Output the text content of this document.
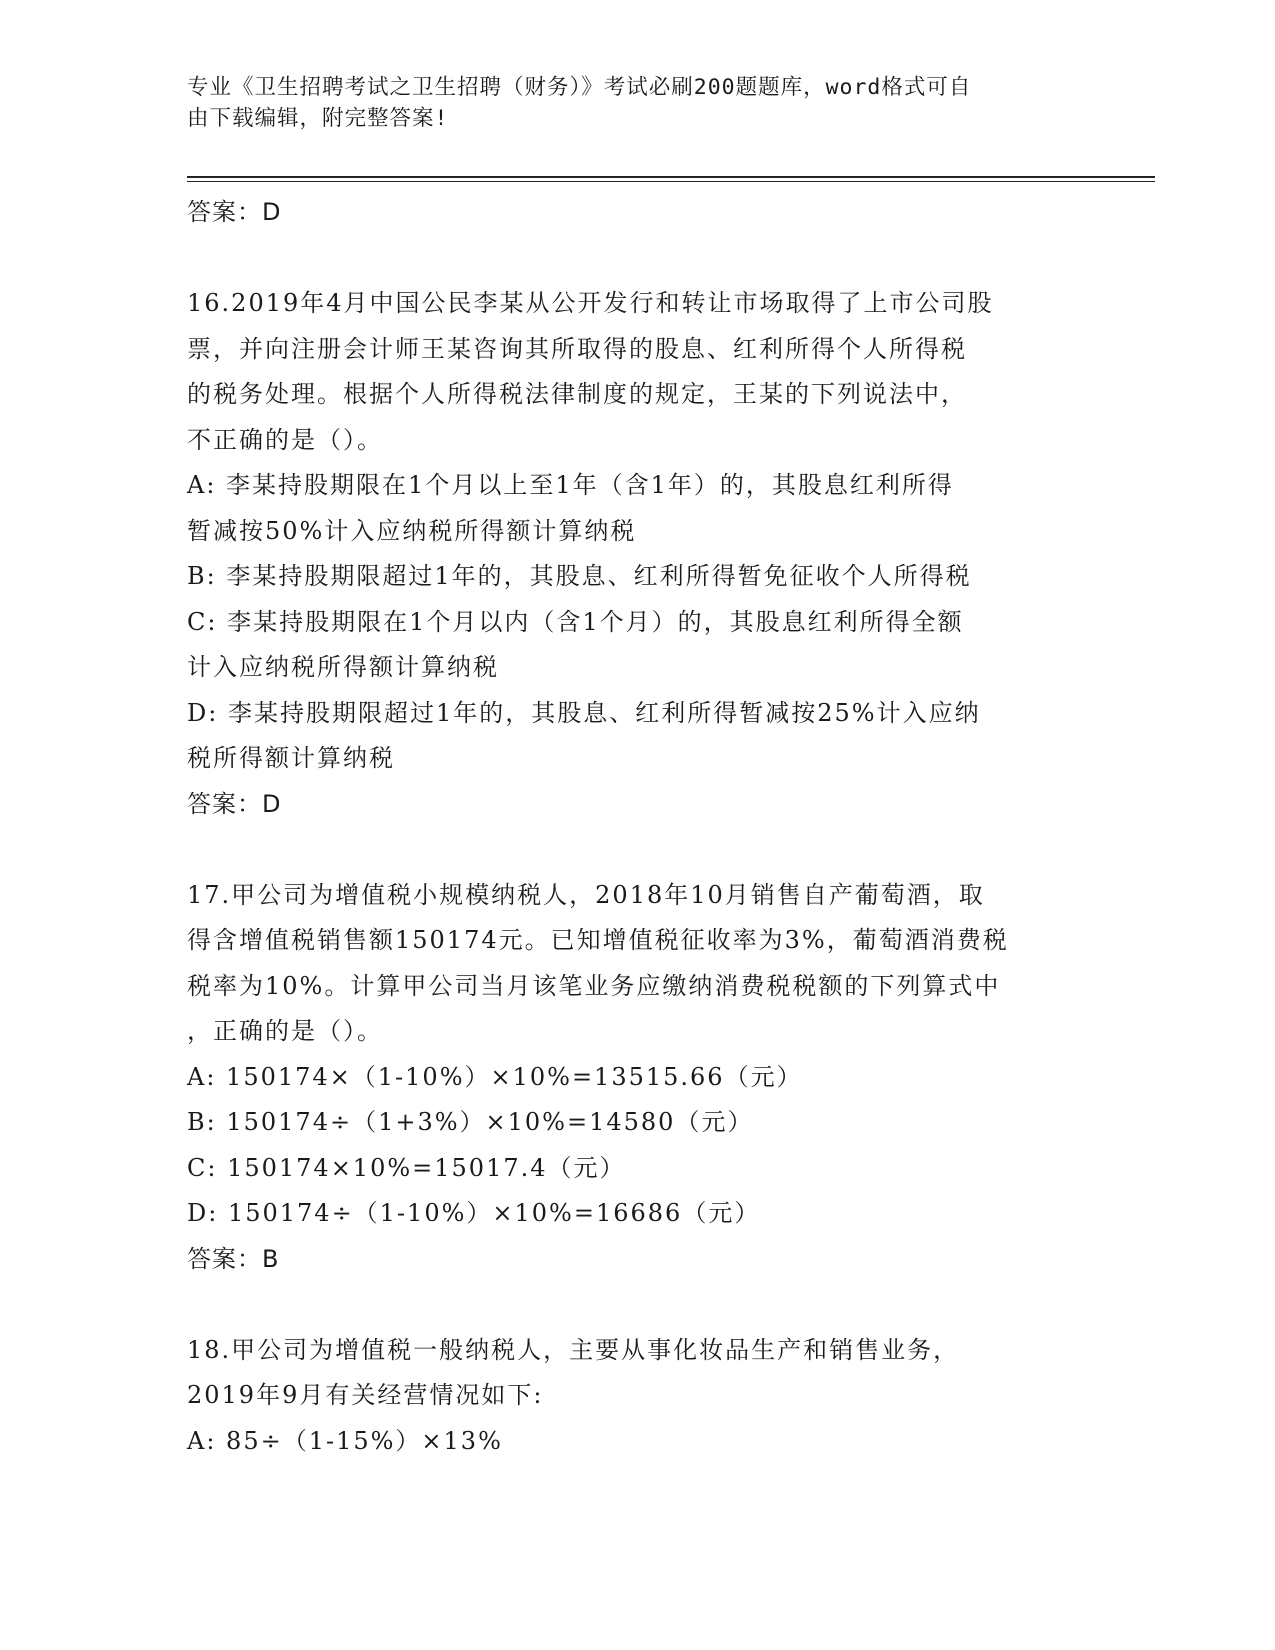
专业《卫生招聘考试之卫生招聘（财务）》考试必刷200题题库，word格式可自
由下载编辑，附完整答案!
答案：D
16.2019年4月中国公民李某从公开发行和转让市场取得了上市公司股
票，并向注册会计师王某咨询其所取得的股息、红利所得个人所得税
的税务处理。根据个人所得税法律制度的规定，王某的下列说法中，
不正确的是（）。
A: 李某持股期限在1个月以上至1年（含1年）的，其股息红利所得
暂减按50%计入应纳税所得额计算纳税
B: 李某持股期限超过1年的，其股息、红利所得暂免征收个人所得税
C: 李某持股期限在1个月以内（含1个月）的，其股息红利所得全额
计入应纳税所得额计算纳税
D: 李某持股期限超过1年的，其股息、红利所得暂减按25%计入应纳
税所得额计算纳税
答案：D
17.甲公司为增值税小规模纳税人，2018年10月销售自产葡萄酒，取
得含增值税销售额150174元。已知增值税征收率为3%，葡萄酒消费税
税率为10%。计算甲公司当月该笔业务应缴纳消费税税额的下列算式中
，正确的是（）。
A: 150174×（1-10%）×10%=13515.66（元）
B: 150174÷（1+3%）×10%=14580（元）
C: 150174×10%=15017.4（元）
D: 150174÷（1-10%）×10%=16686（元）
答案：B
18.甲公司为增值税一般纳税人，主要从事化妆品生产和销售业务，
2019年9月有关经营情况如下:
A: 85÷（1-15%）×13%
